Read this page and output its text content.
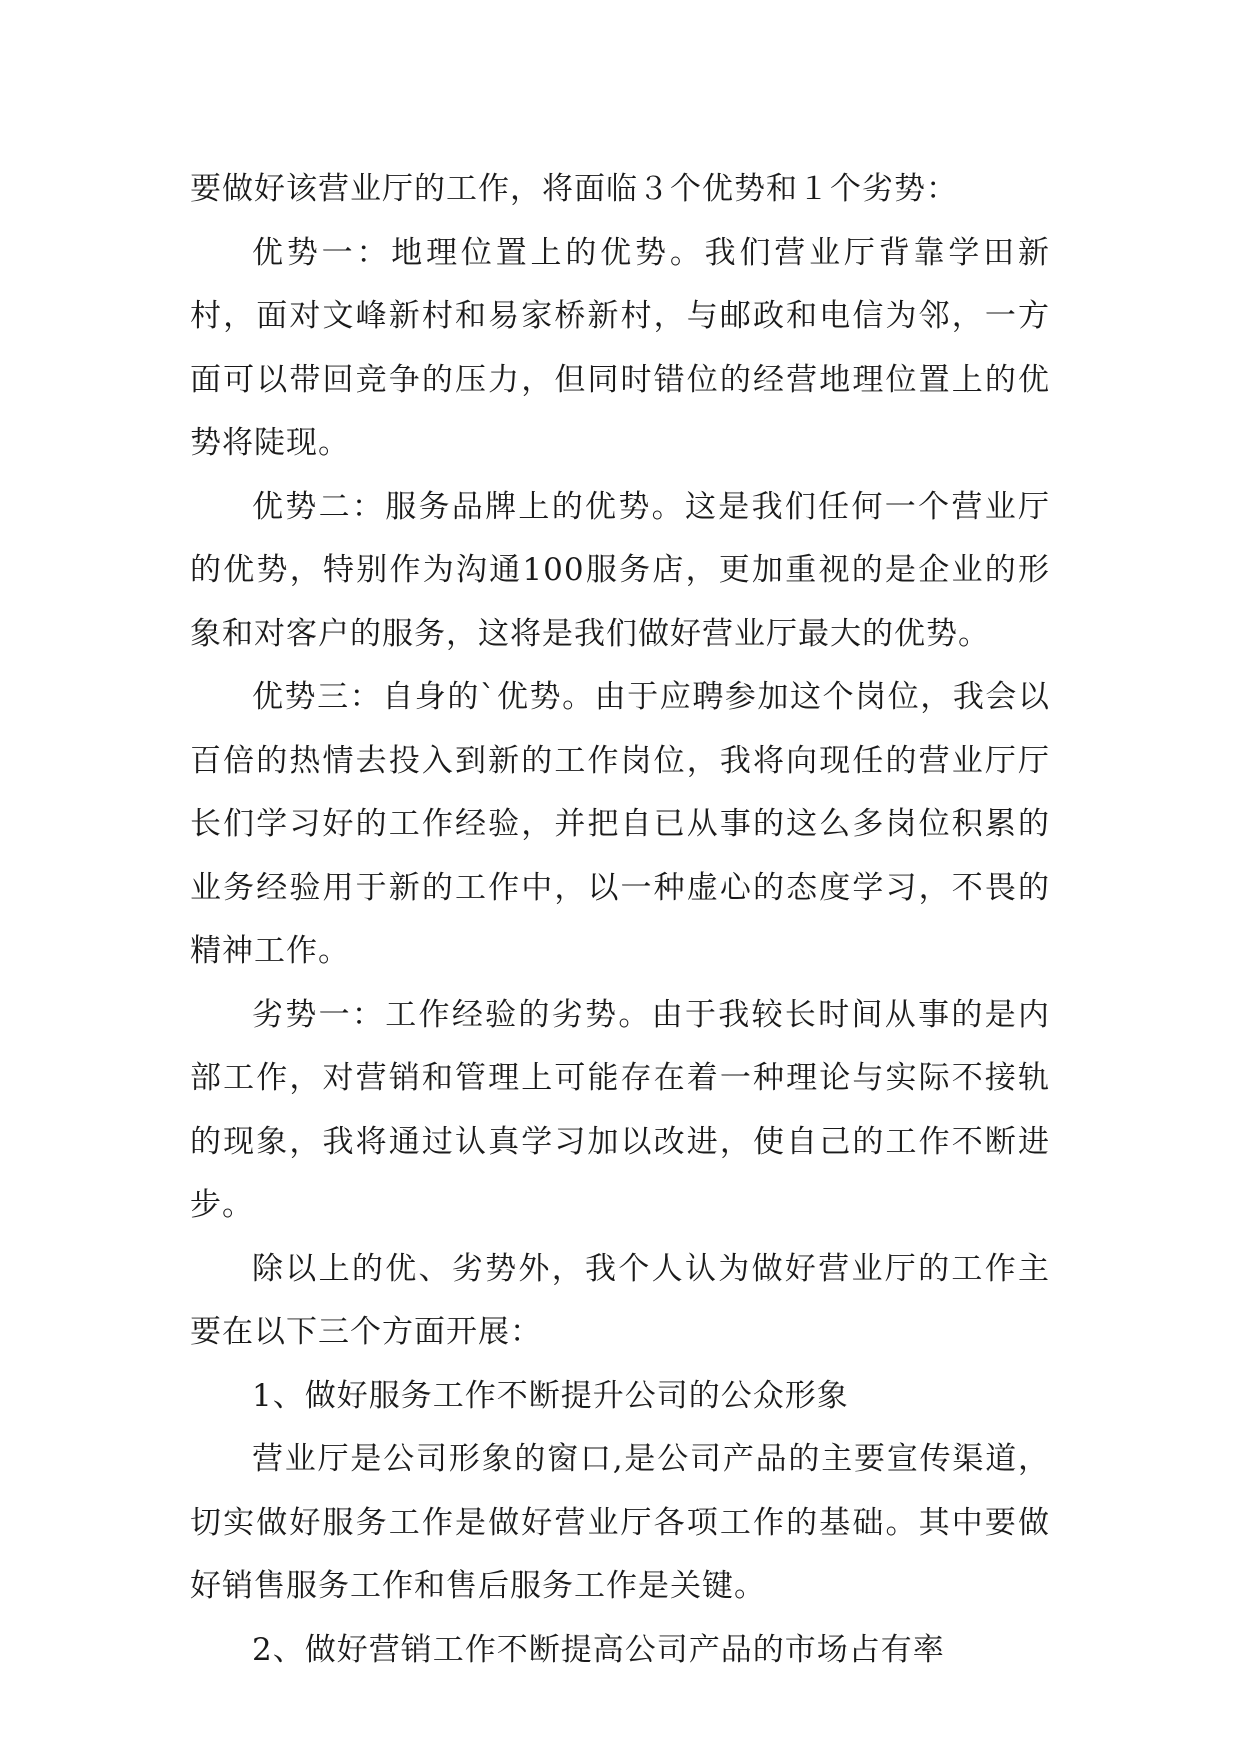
要做好该营业厅的工作，将面临３个优势和１个劣势：

优势一：地理位置上的优势。我们营业厅背靠学田新村，面对文峰新村和易家桥新村，与邮政和电信为邻，一方面可以带回竞争的压力，但同时错位的经营地理位置上的优势将陡现。

优势二：服务品牌上的优势。这是我们任何一个营业厅的优势，特别作为沟通100服务店，更加重视的是企业的形象和对客户的服务，这将是我们做好营业厅最大的优势。

优势三：自身的`优势。由于应聘参加这个岗位，我会以百倍的热情去投入到新的工作岗位，我将向现任的营业厅厅长们学习好的工作经验，并把自已从事的这么多岗位积累的业务经验用于新的工作中，以一种虚心的态度学习，不畏的精神工作。

劣势一：工作经验的劣势。由于我较长时间从事的是内部工作，对营销和管理上可能存在着一种理论与实际不接轨的现象，我将通过认真学习加以改进，使自己的工作不断进步。

除以上的优、劣势外，我个人认为做好营业厅的工作主要在以下三个方面开展：

1、做好服务工作不断提升公司的公众形象

营业厅是公司形象的窗口,是公司产品的主要宣传渠道，切实做好服务工作是做好营业厅各项工作的基础。其中要做好销售服务工作和售后服务工作是关键。

2、做好营销工作不断提高公司产品的市场占有率
